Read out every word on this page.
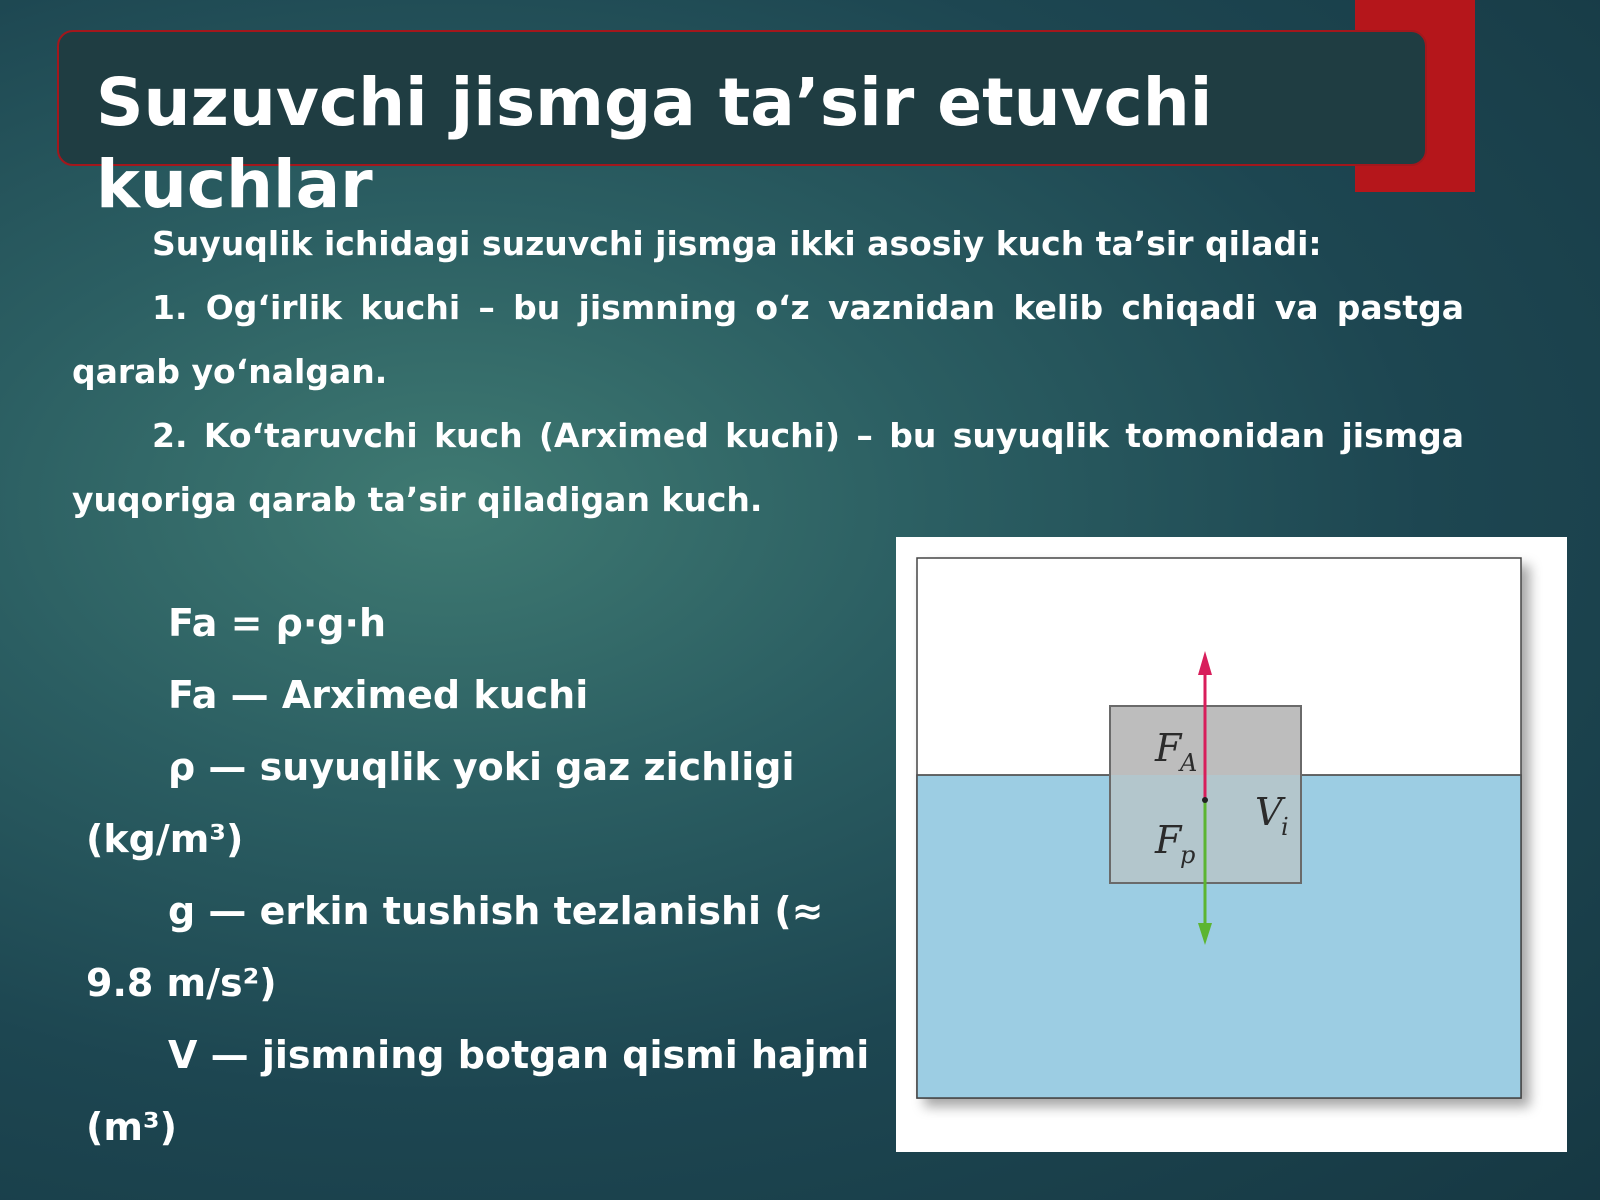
Suzuvchi jismga ta’sir etuvchi kuchlar

Suyuqlik ichidagi suzuvchi jismga ikki asosiy kuch ta’sir qiladi:

1. Og‘irlik kuchi – bu jismning o‘z vaznidan kelib chiqadi va pastga qarab yo‘nalgan.

2. Ko‘taruvchi kuch (Arximed kuchi) – bu suyuqlik tomonidan jismga yuqoriga qarab ta’sir qiladigan kuch.

Fa = ρ·g·h

Fa — Arximed kuchi

ρ — suyuqlik yoki gaz zichligi (kg/m³)

g — erkin tushish tezlanishi (≈ 9.8 m/s²)

V — jismning botgan qismi hajmi (m³)

F
A
V
i
F
p
